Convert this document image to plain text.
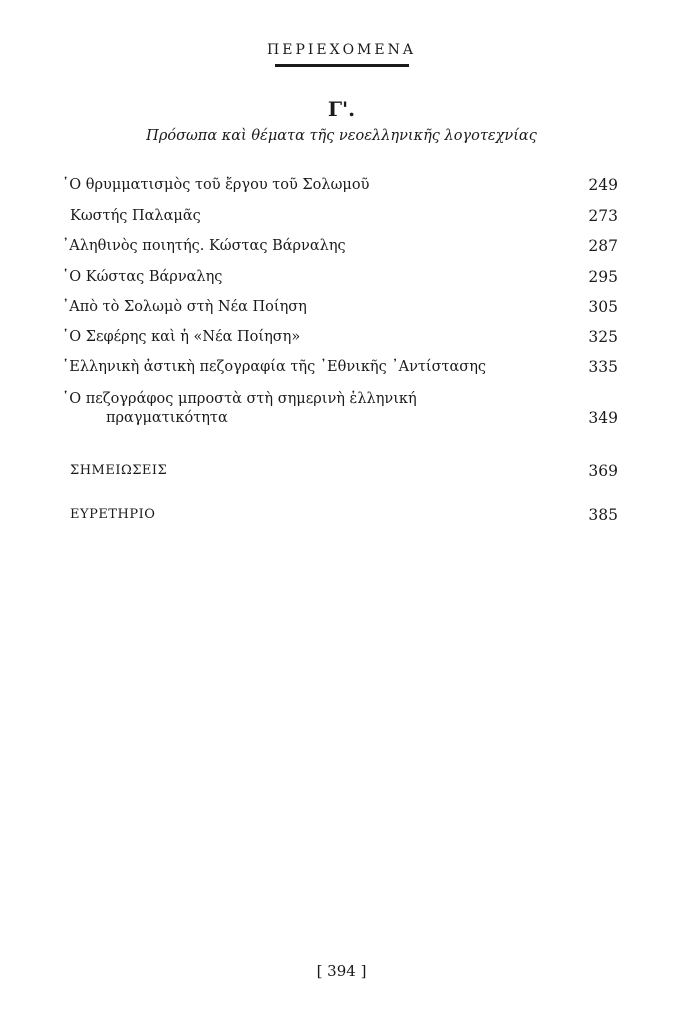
ΠΕΡΙΕΧΟΜΕΝΑ
Γ'.
Πρόσωπα καὶ θέματα τῆς νεοελληνικῆς λογοτεχνίας
῾Ο θρυμματισμὸς τοῦ ἔργου τοῦ Σολωμοῦ	249
Κωστής Παλαμᾶς	273
᾿Αληθινὸς ποιητής. Κώστας Βάρναλης	287
῾Ο Κώστας Βάρναλης	295
᾿Απὸ τὸ Σολωμὸ στὴ Νέα Ποίηση	305
῾Ο Σεφέρης καὶ ἡ «Νέα Ποίηση»	325
῾Ελληνικὴ ἀστικὴ πεζογραφία τῆς ᾿Εθνικῆς ᾿Αντίστασης	335
῾Ο πεζογράφος μπροστὰ στὴ σημερινὴ ἑλληνική
πραγματικότητα	349
ΣΗΜΕΙΩΣΕΙΣ	369
ΕΥΡΕΤΗΡΙΟ	385
[ 394 ]
